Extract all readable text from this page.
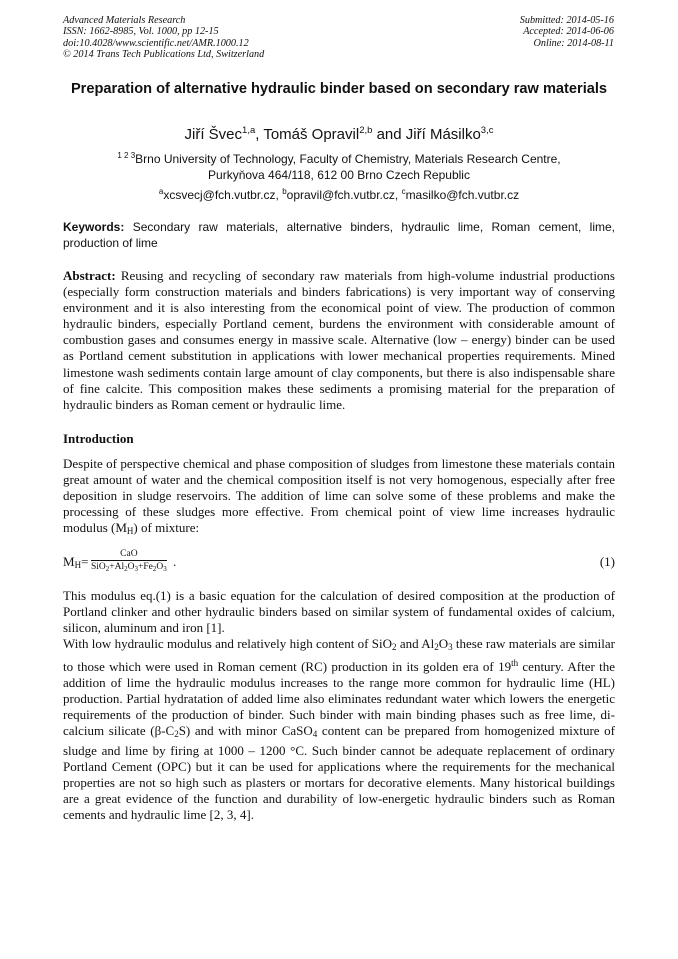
Advanced Materials Research
ISSN: 1662-8985, Vol. 1000, pp 12-15
doi:10.4028/www.scientific.net/AMR.1000.12
© 2014 Trans Tech Publications Ltd, Switzerland
Submitted: 2014-05-16
Accepted: 2014-06-06
Online: 2014-08-11
Preparation of alternative hydraulic binder based on secondary raw materials
Jiří Švec$^{1,a}$, Tomáš Opravil$^{2,b}$ and Jiří Másilko$^{3,c}$
$^{1 2 3}$Brno University of Technology, Faculty of Chemistry, Materials Research Centre,
Purkyňova 464/118, 612 00 Brno Czech Republic
$^a$xcsvecj@fch.vutbr.cz, $^b$opravil@fch.vutbr.cz, $^c$masilko@fch.vutbr.cz
Keywords: Secondary raw materials, alternative binders, hydraulic lime, Roman cement, lime, production of lime
Abstract: Reusing and recycling of secondary raw materials from high-volume industrial productions (especially form construction materials and binders fabrications) is very important way of conserving environment and it is also interesting from the economical point of view. The production of common hydraulic binders, especially Portland cement, burdens the environment with considerable amount of combustion gases and consumes energy in massive scale. Alternative (low – energy) binder can be used as Portland cement substitution in applications with lower mechanical properties requirements. Mined limestone wash sediments contain large amount of clay components, but there is also indispensable share of fine calcite. This composition makes these sediments a promising material for the preparation of hydraulic binders as Roman cement or hydraulic lime.
Introduction
Despite of perspective chemical and phase composition of sludges from limestone these materials contain great amount of water and the chemical composition itself is not very homogenous, especially after free deposition in sludge reservoirs. The addition of lime can solve some of these problems and make the processing of these sludges more effective. From chemical point of view lime increases hydraulic modulus $(M_H)$ of mixture:
$M_H=$	CaO
$SiO_2+Al_2O_3+Fe_2O_3$ .	(1)
This modulus eq.(1) is a basic equation for the calculation of desired composition at the production of Portland clinker and other hydraulic binders based on similar system of fundamental oxides of calcium, silicon, aluminum and iron [1].
With low hydraulic modulus and relatively high content of SiO$_2$ and $Al_2O_3$ these raw materials are similar to those which were used in Roman cement (RC) production in its golden era of 19th century. After the addition of lime the hydraulic modulus increases to the range more common for hydraulic lime (HL) production. Partial hydratation of added lime also eliminates redundant water which lowers the energetic requirements of the production of binder. Such binder with main binding phases such as free lime, di-calcium silicate $(\beta-C_2S)$ and with minor CaSO$_4$ content can be prepared from homogenized mixture of sludge and lime by firing at 1000 – 1200 °C. Such binder cannot be adequate replacement of ordinary Portland Cement (OPC) but it can be used for applications where the requirements for the mechanical properties are not so high such as plasters or mortars for decorative elements. Many historical buildings are a great evidence of the function and durability of low-energetic hydraulic binders such as Roman cements and hydraulic lime [2, 3, 4].
